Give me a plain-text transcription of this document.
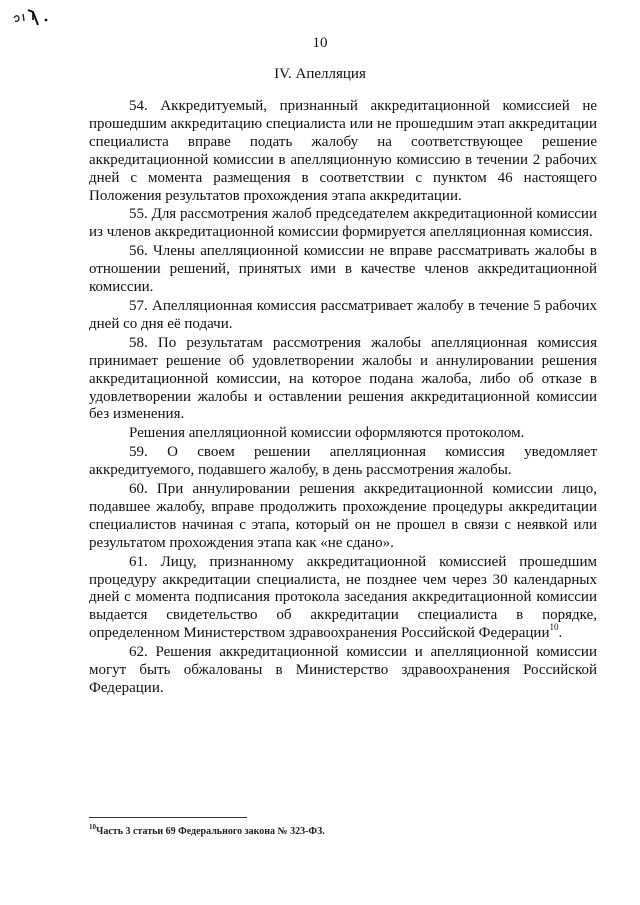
10
IV. Апелляция

54. Аккредитуемый, признанный аккредитационной комиссией не прошедшим аккредитацию специалиста или не прошедшим этап аккредитации специалиста вправе подать жалобу на соответствующее решение аккредитационной комиссии в апелляционную комиссию в течении 2 рабочих дней с момента размещения в соответствии с пунктом 46 настоящего Положения результатов прохождения этапа аккредитации.

55. Для рассмотрения жалоб председателем аккредитационной комиссии из членов аккредитационной комиссии формируется апелляционная комиссия.

56. Члены апелляционной комиссии не вправе рассматривать жалобы в отношении решений, принятых ими в качестве членов аккредитационной комиссии.

57. Апелляционная комиссия рассматривает жалобу в течение 5 рабочих дней со дня её подачи.

58. По результатам рассмотрения жалобы апелляционная комиссия принимает решение об удовлетворении жалобы и аннулировании решения аккредитационной комиссии, на которое подана жалоба, либо об отказе в удовлетворении жалобы и оставлении решения аккредитационной комиссии без изменения.

Решения апелляционной комиссии оформляются протоколом.

59. О своем решении апелляционная комиссия уведомляет аккредитуемого, подавшего жалобу, в день рассмотрения жалобы.

60. При аннулировании решения аккредитационной комиссии лицо, подавшее жалобу, вправе продолжить прохождение процедуры аккредитации специалистов начиная с этапа, который он не прошел в связи с неявкой или результатом прохождения этапа как «не сдано».

61. Лицу, признанному аккредитационной комиссией прошедшим процедуру аккредитации специалиста, не позднее чем через 30 календарных дней с момента подписания протокола заседания аккредитационной комиссии выдается свидетельство об аккредитации специалиста в порядке, определенном Министерством здравоохранения Российской Федерации$^{10}$.

62. Решения аккредитационной комиссии и апелляционной комиссии могут быть обжалованы в Министерство здравоохранения Российской Федерации.

$^{10}$Часть 3 статьи 69 Федерального закона № 323-ФЗ.
